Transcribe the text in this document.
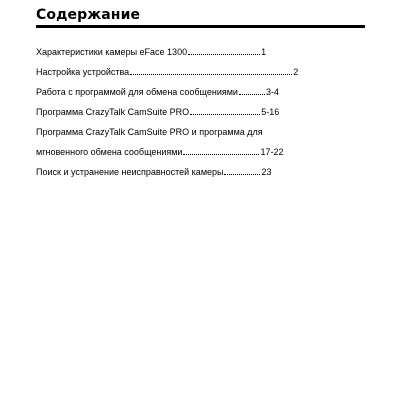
Содержание
Характеристики камеры eFace 1300	1
Настройка устройства	2
Работа с программой для обмена сообщениями	3-4
Программа CrazyTalk CamSuite PRO	5-16
Программа CrazyTalk CamSuite PRO и программа для
мгновенного обмена сообщениями	17-22
Поиск и устранение неисправностей камеры	23
